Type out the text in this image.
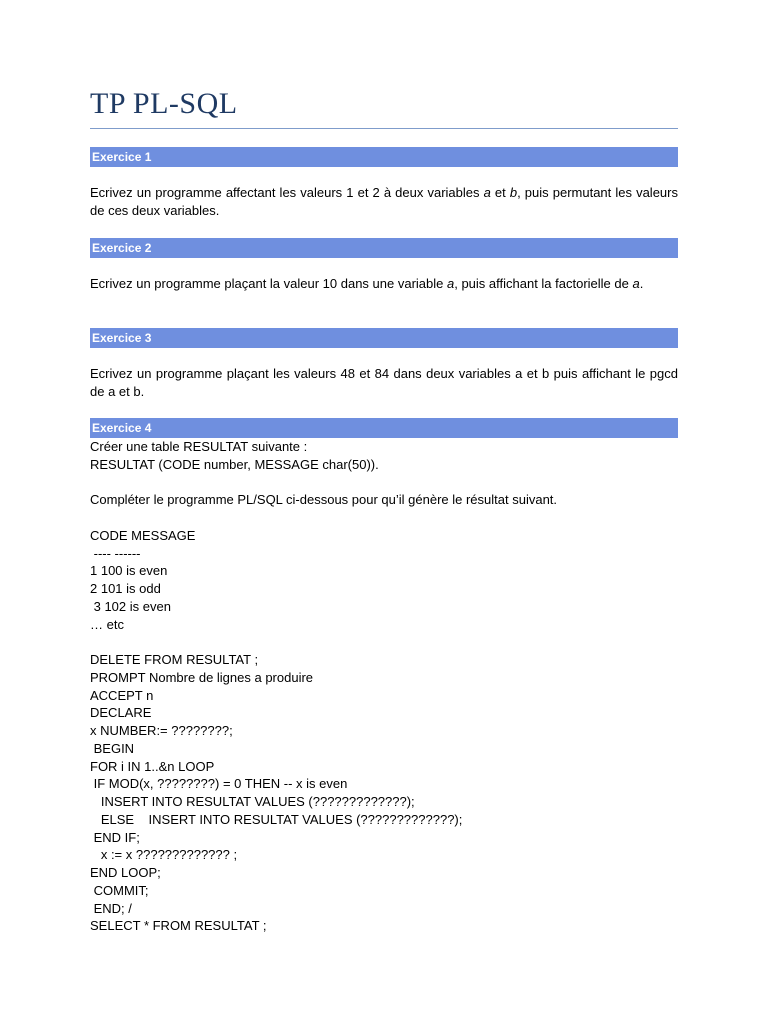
TP PL-SQL
Exercice 1
Ecrivez un programme affectant les valeurs 1 et 2 à deux variables a et b, puis permutant les valeurs de ces deux variables.
Exercice 2
Ecrivez un programme plaçant la valeur 10 dans une variable a, puis affichant la factorielle de a.
Exercice 3
Ecrivez un programme plaçant les valeurs 48 et 84 dans deux variables a et b puis affichant le pgcd de a et b.
Exercice 4
Créer une table RESULTAT suivante :
RESULTAT (CODE number, MESSAGE char(50)).
Compléter le programme PL/SQL ci-dessous pour qu’il génère le résultat suivant.
CODE MESSAGE
---- ------
1 100 is even
2 101 is odd
3 102 is even
… etc
DELETE FROM RESULTAT ;
PROMPT Nombre de lignes a produire
ACCEPT n
DECLARE
x NUMBER:= ????????;
BEGIN
FOR i IN 1..&n LOOP
IF MOD(x, ????????) = 0 THEN -- x is even
INSERT INTO RESULTAT VALUES (?????????????);
ELSE    INSERT INTO RESULTAT VALUES (?????????????);
END IF;
x := x ????????????? ;
END LOOP;
COMMIT;
END; /
SELECT * FROM RESULTAT ;
